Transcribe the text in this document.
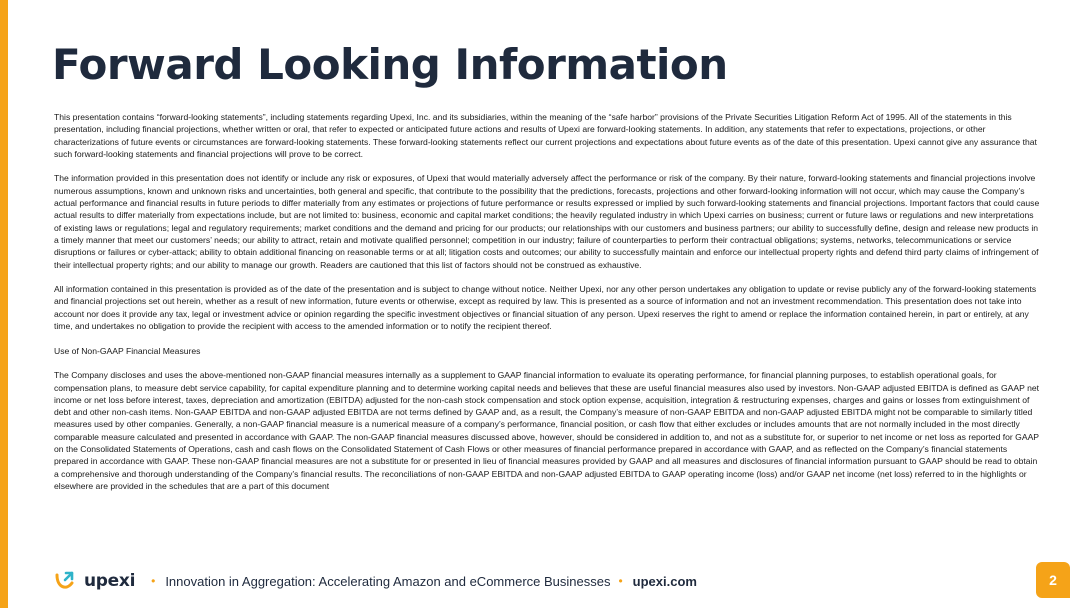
Forward Looking Information

This presentation contains “forward-looking statements”, including statements regarding Upexi, Inc. and its subsidiaries, within the meaning of the “safe harbor” provisions of the Private Securities Litigation Reform Act of 1995. All of the statements in this presentation, including financial projections, whether written or oral, that refer to expected or anticipated future actions and results of Upexi are forward-looking statements. In addition, any statements that refer to expectations, projections, or other characterizations of future events or circumstances are forward-looking statements. These forward-looking statements reflect our current projections and expectations about future events as of the date of this presentation. Upexi cannot give any assurance that such forward-looking statements and financial projections will prove to be correct.

The information provided in this presentation does not identify or include any risk or exposures, of Upexi that would materially adversely affect the performance or risk of the company. By their nature, forward-looking statements and financial projections involve numerous assumptions, known and unknown risks and uncertainties, both general and specific, that contribute to the possibility that the predictions, forecasts, projections and other forward-looking information will not occur, which may cause the Company’s actual performance and financial results in future periods to differ materially from any estimates or projections of future performance or results expressed or implied by such forward-looking statements and financial projections. Important factors that could cause actual results to differ materially from expectations include, but are not limited to: business, economic and capital market conditions; the heavily regulated industry in which Upexi carries on business; current or future laws or regulations and new interpretations of existing laws or regulations; legal and regulatory requirements; market conditions and the demand and pricing for our products; our relationships with our customers and business partners; our ability to successfully define, design and release new products in a timely manner that meet our customers’ needs; our ability to attract, retain and motivate qualified personnel; competition in our industry; failure of counterparties to perform their contractual obligations; systems, networks, telecommunications or service disruptions or failures or cyber-attack; ability to obtain additional financing on reasonable terms or at all; litigation costs and outcomes; our ability to successfully maintain and enforce our intellectual property rights and defend third party claims of infringement of their intellectual property rights; and our ability to manage our growth. Readers are cautioned that this list of factors should not be construed as exhaustive.

All information contained in this presentation is provided as of the date of the presentation and is subject to change without notice. Neither Upexi, nor any other person undertakes any obligation to update or revise publicly any of the forward-looking statements and financial projections set out herein, whether as a result of new information, future events or otherwise, except as required by law. This is presented as a source of information and not an investment recommendation. This presentation does not take into account nor does it provide any tax, legal or investment advice or opinion regarding the specific investment objectives or financial situation of any person. Upexi reserves the right to amend or replace the information contained herein, in part or entirely, at any time, and undertakes no obligation to provide the recipient with access to the amended information or to notify the recipient thereof.

Use of Non-GAAP Financial Measures

The Company discloses and uses the above-mentioned non-GAAP financial measures internally as a supplement to GAAP financial information to evaluate its operating performance, for financial planning purposes, to establish operational goals, for compensation plans, to measure debt service capability, for capital expenditure planning and to determine working capital needs and believes that these are useful financial measures also used by investors. Non-GAAP adjusted EBITDA is defined as GAAP net income or net loss before interest, taxes, depreciation and amortization (EBITDA) adjusted for the non-cash stock compensation and stock option expense, acquisition, integration & restructuring expenses, charges and gains or losses from extinguishment of debt and other non-cash items. Non-GAAP EBITDA and non-GAAP adjusted EBITDA are not terms defined by GAAP and, as a result, the Company’s measure of non-GAAP EBITDA and non-GAAP adjusted EBITDA might not be comparable to similarly titled measures used by other companies. Generally, a non-GAAP financial measure is a numerical measure of a company’s performance, financial position, or cash flow that either excludes or includes amounts that are not normally included in the most directly comparable measure calculated and presented in accordance with GAAP. The non-GAAP financial measures discussed above, however, should be considered in addition to, and not as a substitute for, or superior to net income or net loss as reported for GAAP on the Consolidated Statements of Operations, cash and cash flows on the Consolidated Statement of Cash Flows or other measures of financial performance prepared in accordance with GAAP, and as reflected on the Company’s financial statements prepared in accordance with GAAP. These non-GAAP financial measures are not a substitute for or presented in lieu of financial measures provided by GAAP and all measures and disclosures of financial information pursuant to GAAP should be read to obtain a comprehensive and thorough understanding of the Company’s financial results. The reconciliations of non-GAAP EBITDA and non-GAAP adjusted EBITDA to GAAP operating income (loss) and/or GAAP net income (net loss) referred to in the highlights or elsewhere are provided in the schedules that are a part of this document

upexi • Innovation in Aggregation: Accelerating Amazon and eCommerce Businesses • upexi.com	2
